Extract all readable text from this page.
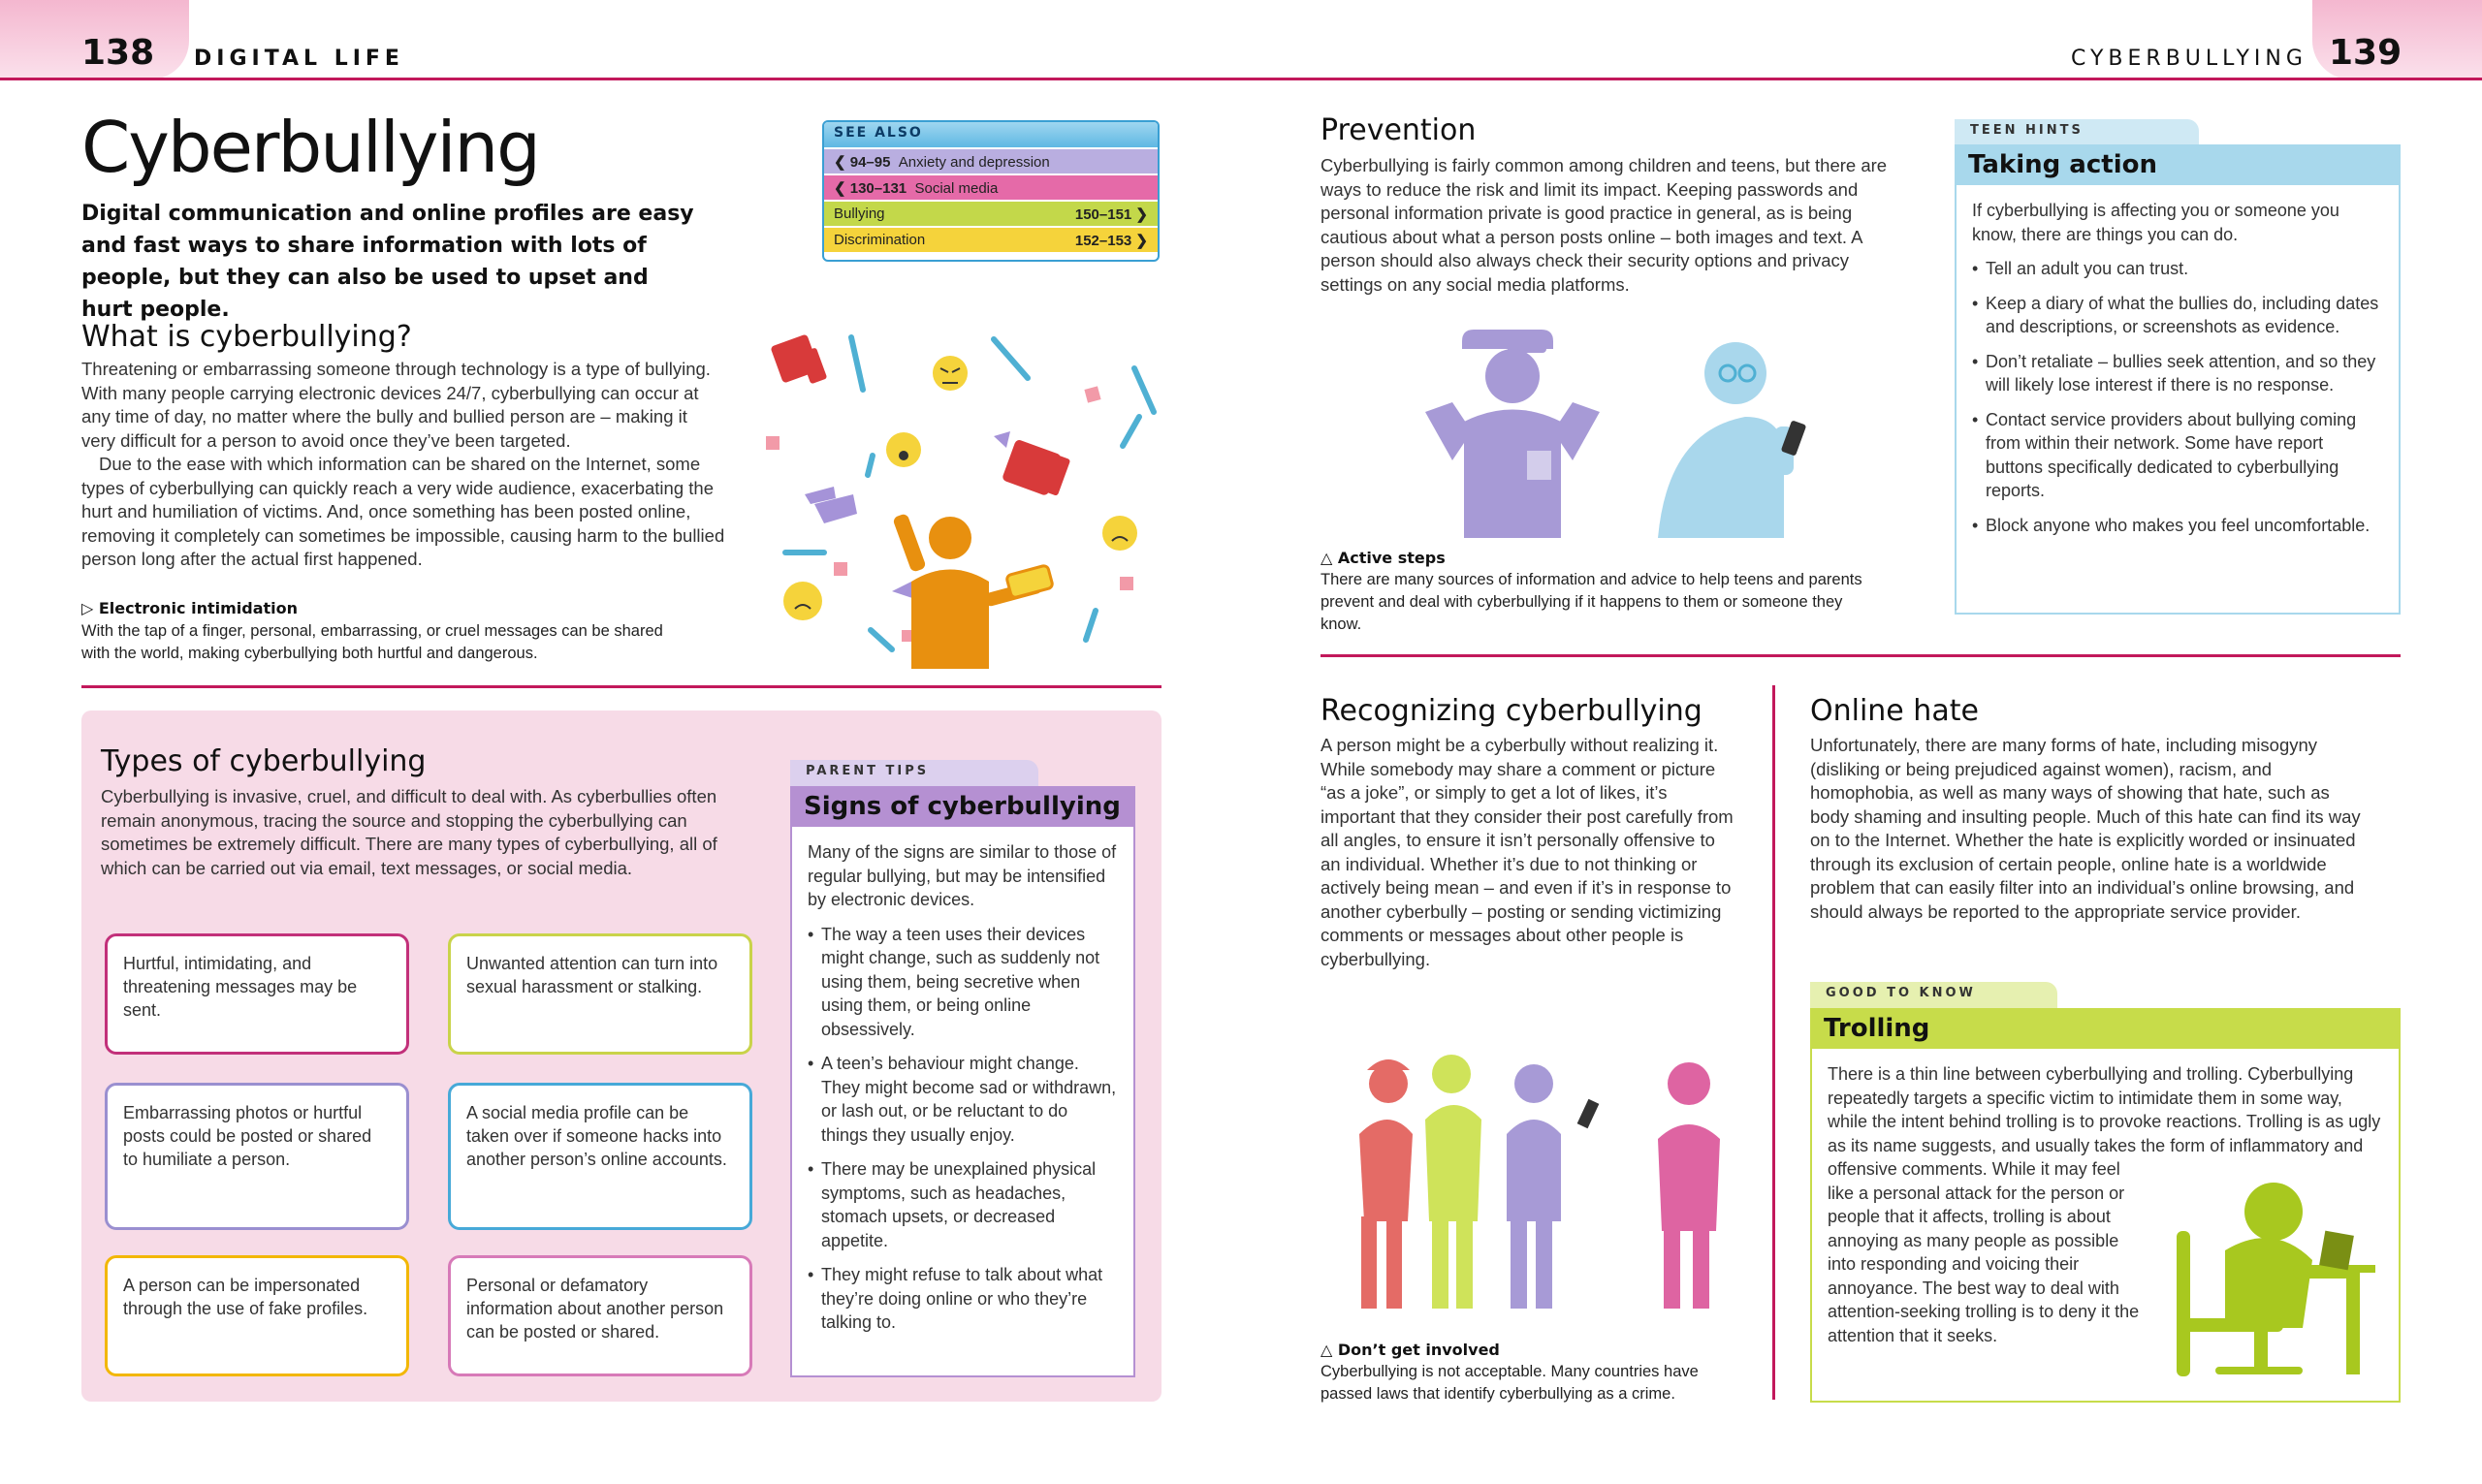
138 DIGITAL LIFE	CYBERBULLYING 139
Cyberbullying

Digital communication and online profiles are easy and fast ways to share information with lots of people, but they can also be used to upset and hurt people.

SEE ALSO
❮ 94–95 Anxiety and depression
❮ 130–131 Social media
Bullying	150–151 ❯
Discrimination	152–153 ❯
What is cyberbullying?

Threatening or embarrassing someone through technology is a type of bullying. With many people carrying electronic devices 24/7, cyberbullying can occur at any time of day, no matter where the bully and bullied person are – making it very difficult for a person to avoid once they’ve been targeted.

Due to the ease with which information can be shared on the Internet, some types of cyberbullying can quickly reach a very wide audience, exacerbating the hurt and humiliation of victims. And, once something has been posted online, removing it completely can sometimes be impossible, causing harm to the bullied person long after the actual first happened.

▷ Electronic intimidation

With the tap of a finger, personal, embarrassing, or cruel messages can be shared with the world, making cyberbullying both hurtful and dangerous.

Types of cyberbullying

Cyberbullying is invasive, cruel, and difficult to deal with. As cyberbullies often remain anonymous, tracing the source and stopping the cyberbullying can sometimes be extremely difficult. There are many types of cyberbullying, all of which can be carried out via email, text messages, or social media.

Hurtful, intimidating, and threatening messages may be sent.
Unwanted attention can turn into sexual harassment or stalking.
Embarrassing photos or hurtful posts could be posted or shared to humiliate a person.
A social media profile can be taken over if someone hacks into another person’s online accounts.
A person can be impersonated through the use of fake profiles.
Personal or defamatory information about another person can be posted or shared.
PARENT TIPS
Signs of cyberbullying

Many of the signs are similar to those of regular bullying, but may be intensified by electronic devices.

• The way a teen uses their devices might change, such as suddenly not using them, being secretive when using them, or being online obsessively.
• A teen’s behaviour might change. They might become sad or withdrawn, or lash out, or be reluctant to do things they usually enjoy.
• There may be unexplained physical symptoms, such as headaches, stomach upsets, or decreased appetite.
• They might refuse to talk about what they’re doing online or who they’re talking to.
Prevention

Cyberbullying is fairly common among children and teens, but there are ways to reduce the risk and limit its impact. Keeping passwords and personal information private is good practice in general, as is being cautious about what a person posts online – both images and text. A person should also always check their security options and privacy settings on any social media platforms.

△ Active steps

There are many sources of information and advice to help teens and parents prevent and deal with cyberbullying if it happens to them or someone they know.

TEEN HINTS
Taking action

If cyberbullying is affecting you or someone you know, there are things you can do.

• Tell an adult you can trust.
• Keep a diary of what the bullies do, including dates and descriptions, or screenshots as evidence.
• Don’t retaliate – bullies seek attention, and so they will likely lose interest if there is no response.
• Contact service providers about bullying coming from within their network. Some have report buttons specifically dedicated to cyberbullying reports.
• Block anyone who makes you feel uncomfortable.
Recognizing cyberbullying

A person might be a cyberbully without realizing it. While somebody may share a comment or picture “as a joke”, or simply to get a lot of likes, it’s important that they consider their post carefully from all angles, to ensure it isn’t personally offensive to an individual. Whether it’s due to not thinking or actively being mean – and even if it’s in response to another cyberbully – posting or sending victimizing comments or messages about other people is cyberbullying.

△ Don’t get involved

Cyberbullying is not acceptable. Many countries have passed laws that identify cyberbullying as a crime.

Online hate

Unfortunately, there are many forms of hate, including misogyny (disliking or being prejudiced against women), racism, and homophobia, as well as many ways of showing that hate, such as body shaming and insulting people. Much of this hate can find its way on to the Internet. Whether the hate is explicitly worded or insinuated through its exclusion of certain people, online hate is a worldwide problem that can easily filter into an individual’s online browsing, and should always be reported to the appropriate service provider.

GOOD TO KNOW
Trolling

There is a thin line between cyberbullying and trolling. Cyberbullying repeatedly targets a specific victim to intimidate them in some way, while the intent behind trolling is to provoke reactions. Trolling is as ugly as its name suggests, and usually takes the form of inflammatory and offensive comments. While it may feel

like a personal attack for the person or people that it affects, trolling is about annoying as many people as possible into responding and voicing their annoyance. The best way to deal with attention-seeking trolling is to deny it the attention that it seeks.
